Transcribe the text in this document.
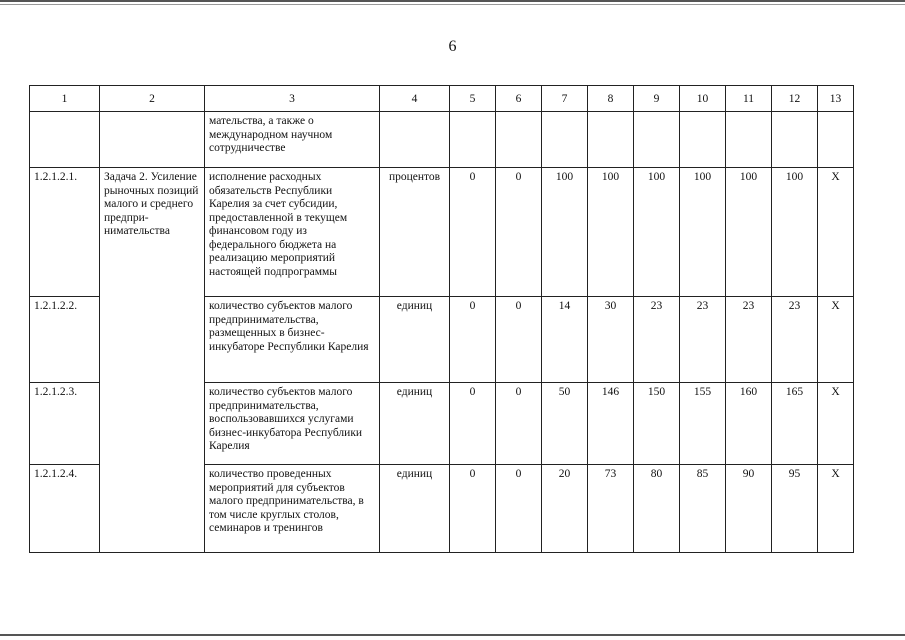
6
1	2	3	4	5	6	7	8	9	10	11	12	13
		мательства, а также о международном научном сотрудничестве										
1.2.1.2.1.	Задача 2. Усиление рыночных позиций малого и среднего предпри-нимательства	исполнение расходных обязательств Республики Карелия за счет субсидии, предоставленной в текущем финансовом году из федерального бюджета на реализацию мероприятий настоящей подпрограммы	процентов	0	0	100	100	100	100	100	100	X
1.2.1.2.2.		количество субъектов малого предпринимательства, размещенных в бизнес-инкубаторе Республики Карелия	единиц	0	0	14	30	23	23	23	23	X
1.2.1.2.3.		количество субъектов малого предпринимательства, воспользовавшихся услугами бизнес-инкубатора Республики Карелия	единиц	0	0	50	146	150	155	160	165	X
1.2.1.2.4.		количество проведенных мероприятий для субъектов малого предпринимательства, в том числе круглых столов, семинаров и тренингов	единиц	0	0	20	73	80	85	90	95	X
